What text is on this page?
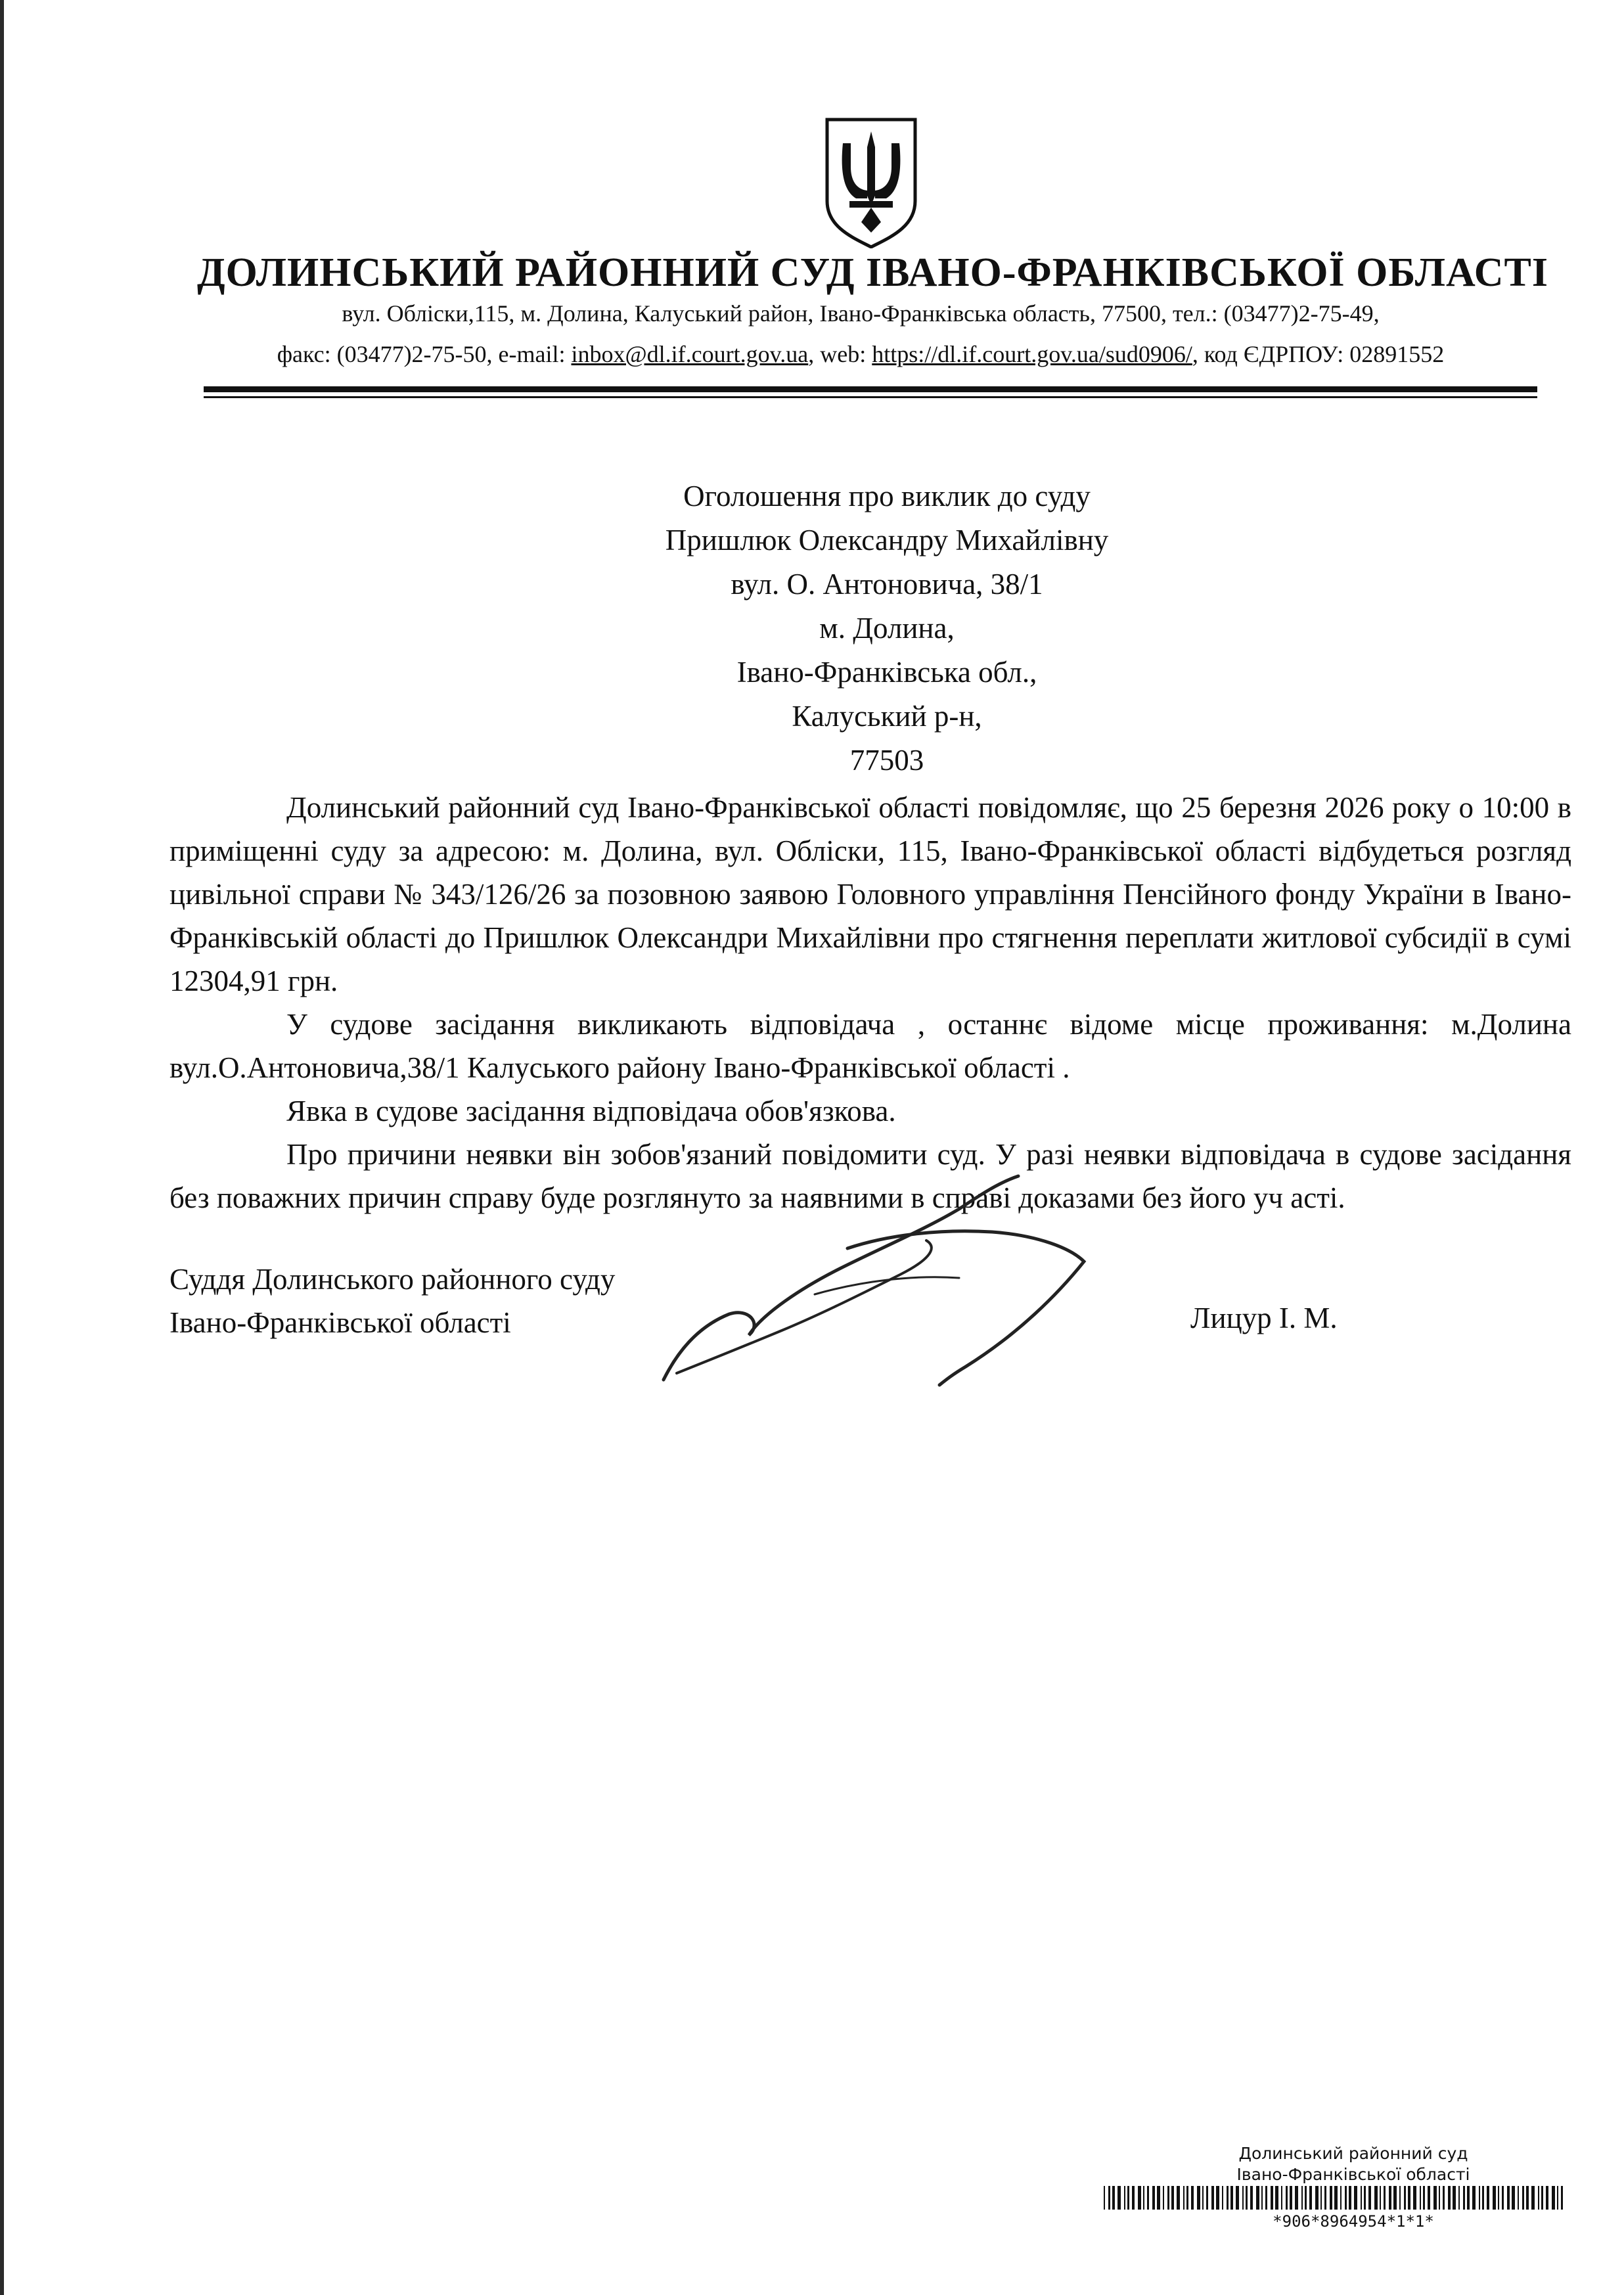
ДОЛИНСЬКИЙ РАЙОННИЙ СУД ІВАНО-ФРАНКІВСЬКОЇ ОБЛАСТІ
вул. Обліски,115, м. Долина, Калуський район, Івано-Франківська область, 77500, тел.: (03477)2-75-49,
факс: (03477)2-75-50, e-mail: inbox@dl.if.court.gov.ua, web: https://dl.if.court.gov.ua/sud0906/, код ЄДРПОУ: 02891552
Оголошення про виклик до суду
Пришлюк Олександру Михайлівну
вул. О. Антоновича, 38/1
м. Долина,
Івано-Франківська обл.,
Калуський р-н,
77503

Долинський районний суд Івано-Франківської області повідомляє, що 25 березня 2026 року о 10:00 в приміщенні суду за адресою: м. Долина, вул. Обліски, 115, Івано-Франківської області відбудеться розгляд цивільної справи № 343/126/26 за позовною заявою Головного управління Пенсійного фонду України в Івано-Франківській області до Пришлюк Олександри Михайлівни про стягнення переплати житлової субсидії в сумі 12304,91 грн.

У судове засідання викликають відповідача , останнє відоме місце проживання: м.Долина вул.О.Антоновича,38/1 Калуського району Івано-Франківської області .

Явка в судове засідання відповідача обов'язкова.

Про причини неявки він зобов'язаний повідомити суд. У разі неявки відповідача в судове засідання без поважних причин справу буде розглянуто за наявними в справі доказами без його уч асті.

Суддя Долинського районного суду
Івано-Франківської області	Лицур І. М.
Долинський районний суд
Івано-Франківської області
*906*8964954*1*1*
